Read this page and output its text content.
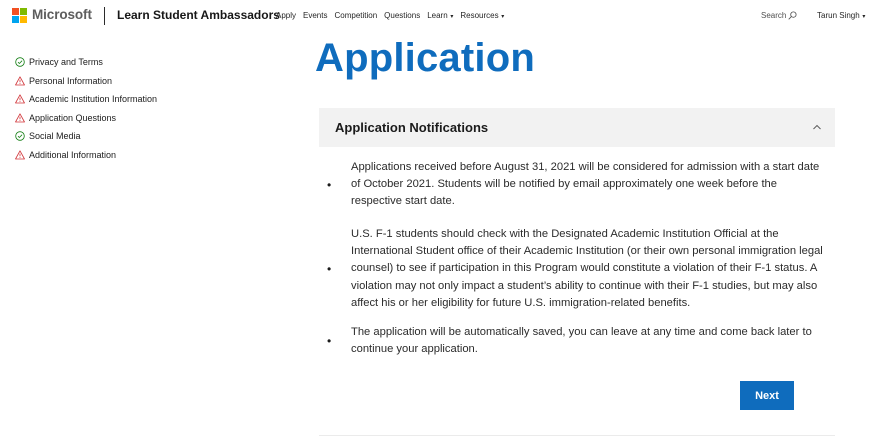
Microsoft Learn Student Ambassadors
Apply Events Competition Questions Learn ▾ Resources ▾	Search	Tarun Singh ▾
Privacy and Terms
Personal Information
Academic Institution Information
Application Questions
Social Media
Additional Information
Application
Application Notifications
•

Applications received before August 31, 2021 will be considered for admission with a start date of October 2021. Students will be notified by email approximately one week before the respective start date.

•

U.S. F-1 students should check with the Designated Academic Institution Official at the International Student office of their Academic Institution (or their own personal immigration legal counsel) to see if participation in this Program would constitute a violation of their F-1 status. A violation may not only impact a student’s ability to continue with their F-1 studies, but may also affect his or her eligibility for future U.S. immigration-related benefits.

•

The application will be automatically saved, you can leave at any time and come back later to continue your application.

Next
